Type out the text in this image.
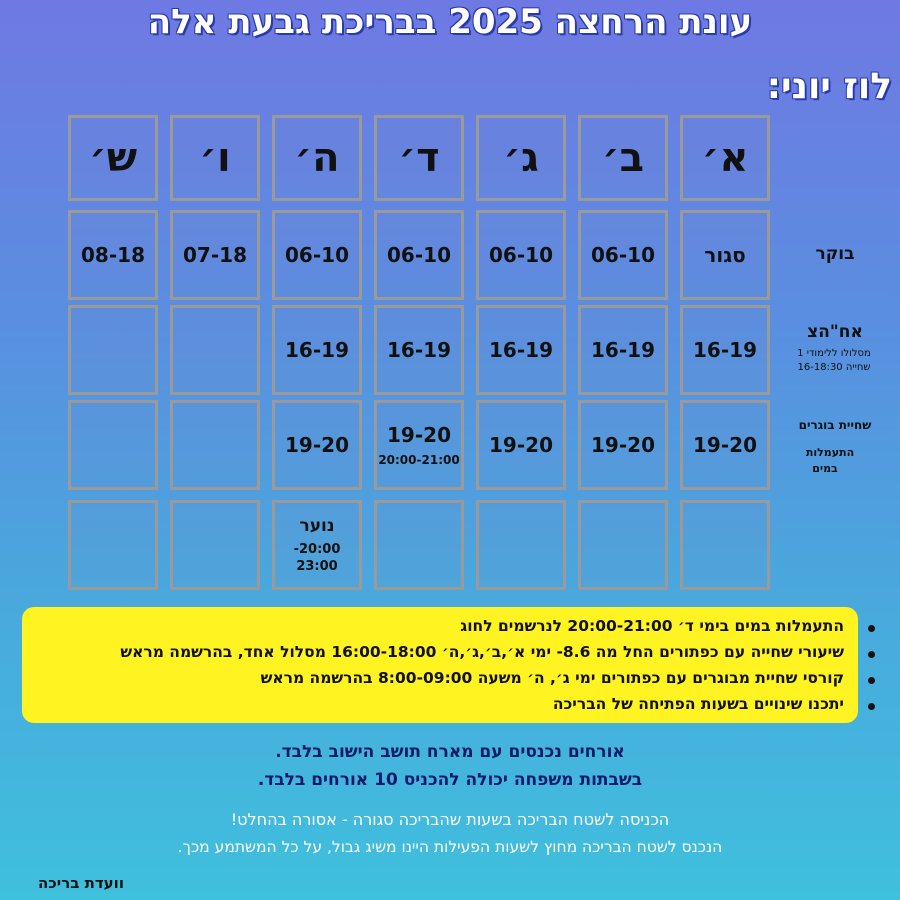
עונת הרחצה 2025 בבריכת גבעת אלה
לוז יוני:
א׳
ב׳
ג׳
ד׳
ה׳
ו׳
ש׳
סגור
06-10
06-10
06-10
06-10
07-18
08-18
16-19
16-19
16-19
16-19
16-19
19-20
19-20
19-20
19-20
20:00-21:00
19-20
נוער
20:00-
23:00
בוקר
אח"הצ
מסלולו ללימודי 1
שחייה 16-18:30
שחיית בוגרים
התעמלות
במים
התעמלות במים בימי ד׳ 20:00-21:00 לנרשמים לחוג
שיעורי שחייה עם כפתורים החל מה 8.6- ימי א׳,ב׳,ג׳,ה׳ 16:00-18:00 מסלול אחד, בהרשמה מראש
קורסי שחיית מבוגרים עם כפתורים ימי ג׳, ה׳ משעה 8:00-09:00 בהרשמה מראש
יתכנו שינויים בשעות הפתיחה של הבריכה
אורחים נכנסים עם מארח תושב הישוב בלבד.
בשבתות משפחה יכולה להכניס 10 אורחים בלבד.
הכניסה לשטח הבריכה בשעות שהבריכה סגורה - אסורה בהחלט!
הנכנס לשטח הבריכה מחוץ לשעות הפעילות היינו משיג גבול, על כל המשתמע מכך.
וועדת בריכה
